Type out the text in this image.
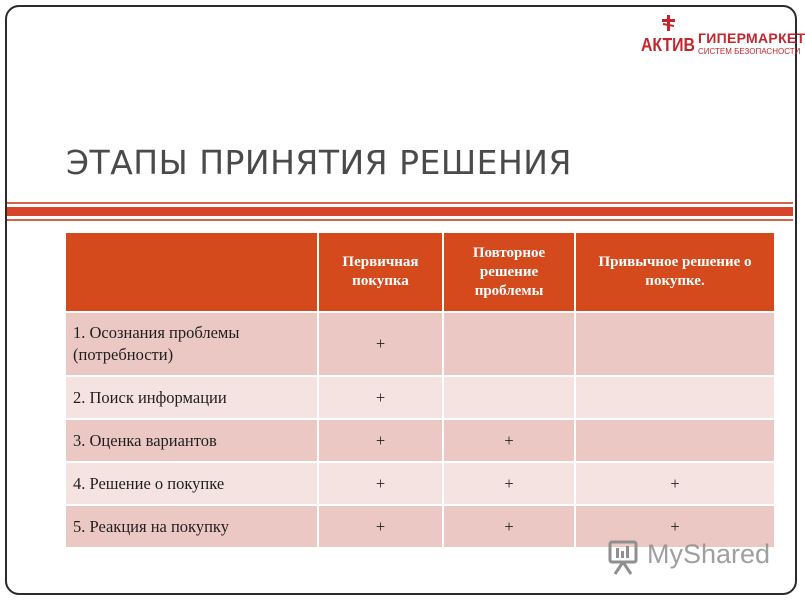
АКТИВ ГИПЕРМАРКЕТ
СИСТЕМ БЕЗОПАСНОСТИ
ЭТАПЫ ПРИНЯТИЯ РЕШЕНИЯ
	Первичная покупка	Повторное решение проблемы	Привычное решение о покупке.
1. Осознания проблемы (потребности)	+		
2. Поиск информации	+		
3. Оценка вариантов	+	+	
4. Решение о покупке	+	+	+
5. Реакция на покупку	+	+	+
MyShared
